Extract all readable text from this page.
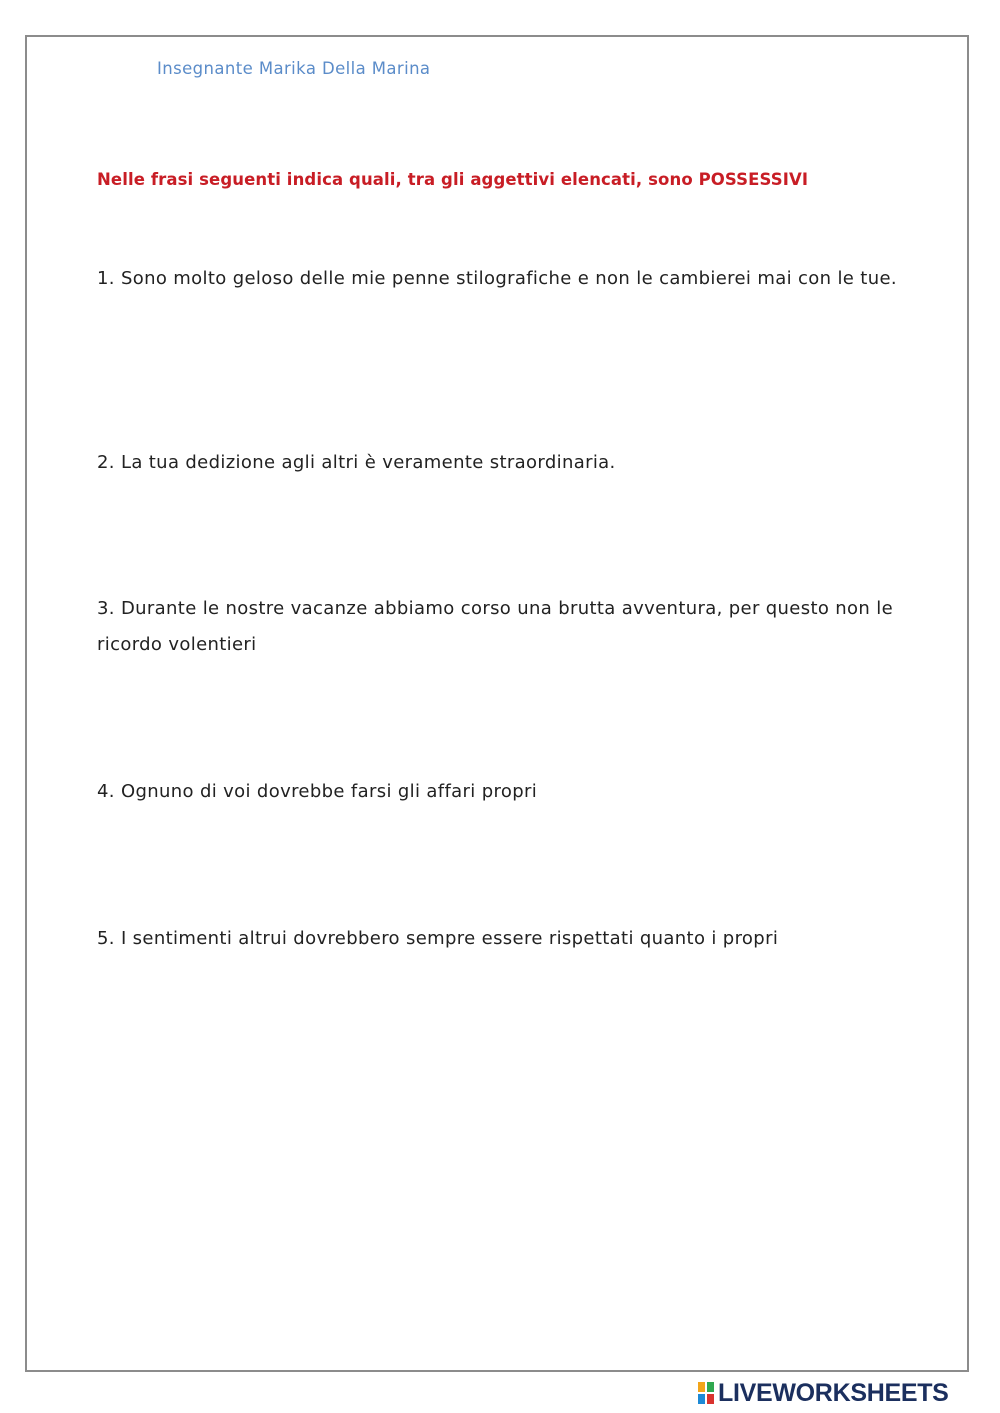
Insegnante Marika Della Marina
Nelle frasi seguenti indica quali, tra gli aggettivi elencati, sono POSSESSIVI
1. Sono molto geloso delle mie penne stilografiche e non le cambierei mai con le tue.
2. La tua dedizione agli altri è veramente straordinaria.
3. Durante le nostre vacanze abbiamo corso una brutta avventura, per questo non le ricordo volentieri
4. Ognuno di voi dovrebbe farsi gli affari propri
5. I sentimenti altrui dovrebbero sempre essere rispettati quanto i propri
LIVEWORKSHEETS
